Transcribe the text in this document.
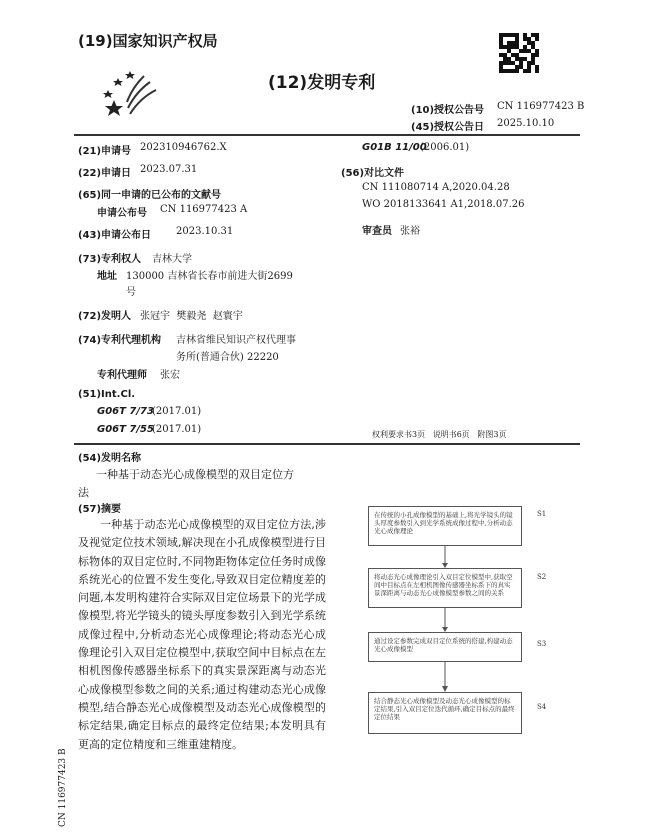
(19)国家知识产权局
(12)发明专利
(10)授权公告号 CN 116977423 B
(45)授权公告日 2025.10.10
(21)申请号 202310946762.X
(22)申请日 2023.07.31
(65)同一申请的已公布的文献号
申请公布号 CN 116977423 A
(43)申请公布日 2023.10.31
(73)专利权人 吉林大学
地址 130000 吉林省长春市前进大街2699
号
(72)发明人 张冠宇  樊毅尧  赵寰宇
(74)专利代理机构 吉林省维民知识产权代理事
务所(普通合伙) 22220
专利代理师 张宏
(51)Int.Cl.
G06T 7/73
(2017.01)
G06T 7/55
(2017.01)
G01B 11/00
(2006.01)
(56)对比文件
CN 111080714 A,2020.04.28
WO 2018133641 A1,2018.07.26
审查员 张裕
权利要求书3页   说明书6页   附图3页
(54)发明名称
一种基于动态光心成像模型的双目定位方
法
(57)摘要
一种基于动态光心成像模型的双目定位方法,涉及视觉定位技术领域,解决现在小孔成像模型进行目标物体的双目定位时,不同物距物体定位任务时成像系统光心的位置不发生变化,导致双目定位精度差的问题,本发明构建符合实际双目定位场景下的光学成像模型,将光学镜头的镜头厚度参数引入到光学系统成像过程中,分析动态光心成像理论;将动态光心成像理论引入双目定位模型中,获取空间中目标点在左相机图像传感器坐标系下的真实景深距离与动态光心成像模型参数之间的关系;通过构建动态光心成像模型,结合静态光心成像模型及动态光心成像模型的标定结果,确定目标点的最终定位结果;本发明具有更高的定位精度和三维重建精度。
在传统的小孔成像模型的基础上,将光学镜头的镜头厚度参数引入到光学系统成像过程中,分析动态光心成像理论
S1
将动态光心成像理论引入双目定位模型中,获取空间中目标点在左相机图像传感器坐标系下的真实景深距离与动态光心成像模型参数之间的关系
S2
通过设定参数完成双目定位系统的搭建,构建动态光心成像模型
S3
结合静态光心成像模型及动态光心成像模型的标定结果,引入双目定位迭代循环,确定目标点的最终定位结果
S4
CN 116977423 B
